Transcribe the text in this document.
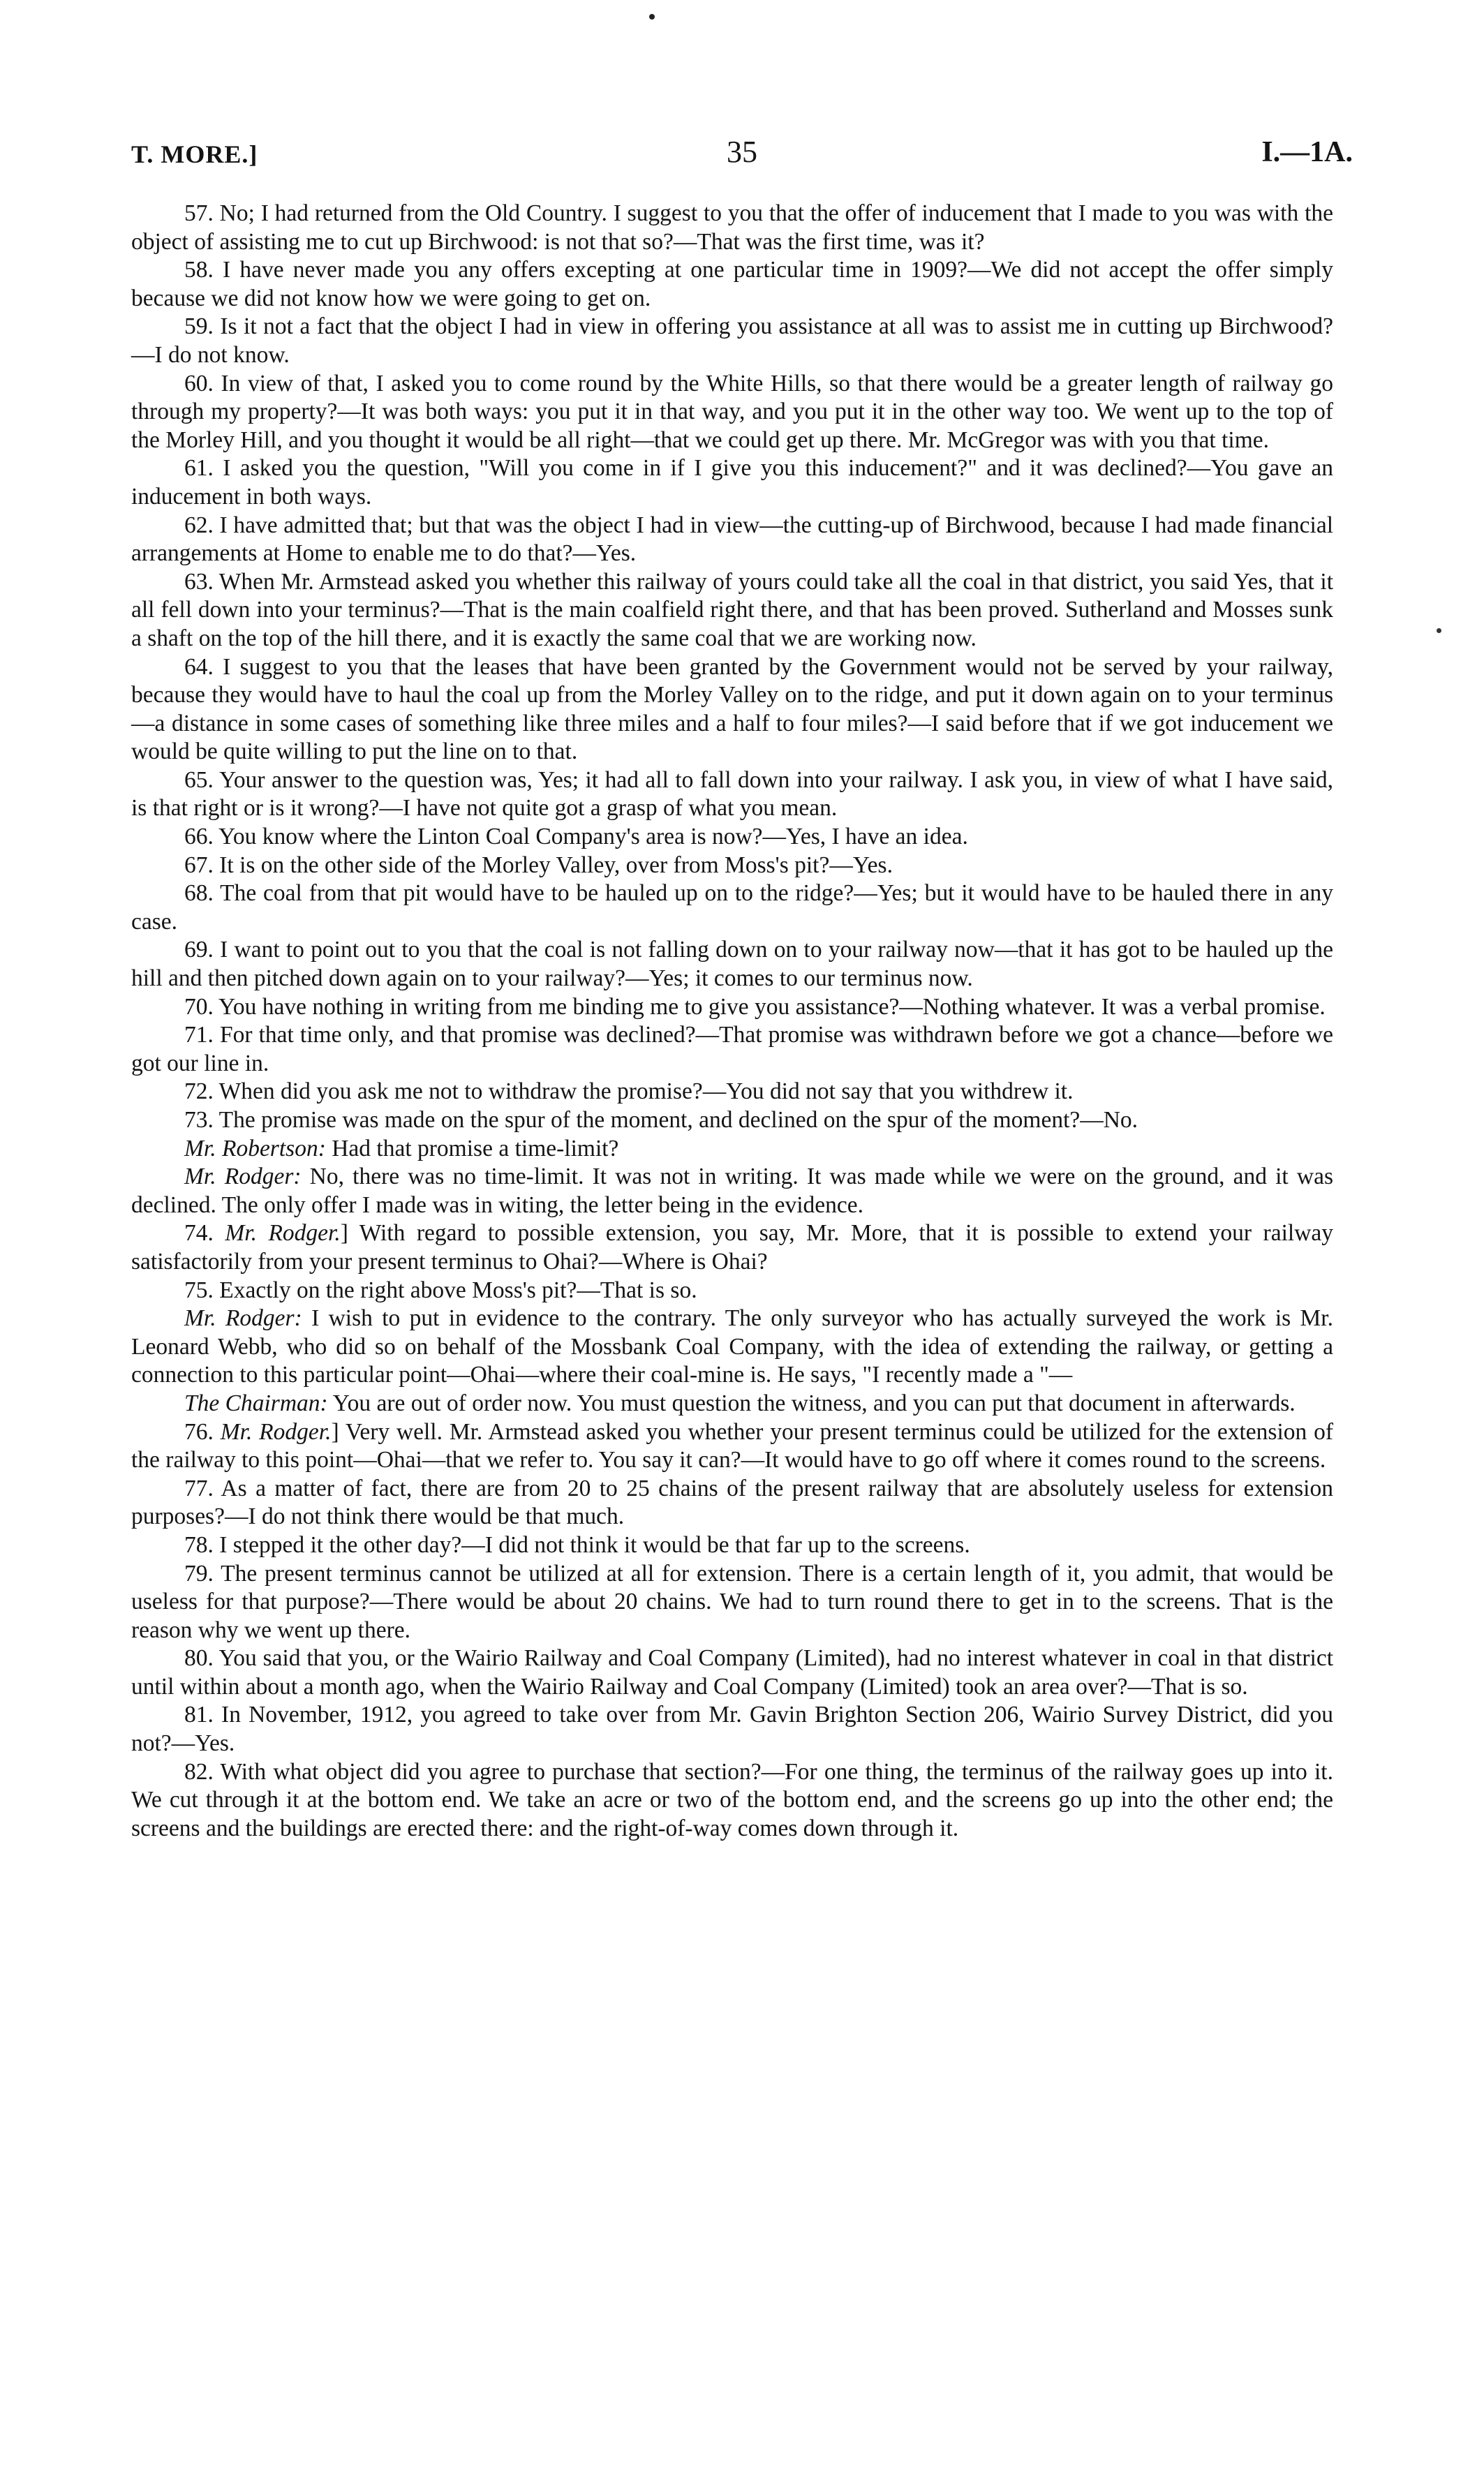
T. MORE.]	35	I.—1A.

57. No; I had returned from the Old Country. I suggest to you that the offer of inducement that I made to you was with the object of assisting me to cut up Birchwood: is not that so?—That was the first time, was it?

58. I have never made you any offers excepting at one particular time in 1909?—We did not accept the offer simply because we did not know how we were going to get on.

59. Is it not a fact that the object I had in view in offering you assistance at all was to assist me in cutting up Birchwood?—I do not know.

60. In view of that, I asked you to come round by the White Hills, so that there would be a greater length of railway go through my property?—It was both ways: you put it in that way, and you put it in the other way too. We went up to the top of the Morley Hill, and you thought it would be all right—that we could get up there. Mr. McGregor was with you that time.

61. I asked you the question, "Will you come in if I give you this inducement?" and it was declined?—You gave an inducement in both ways.

62. I have admitted that; but that was the object I had in view—the cutting-up of Birchwood, because I had made financial arrangements at Home to enable me to do that?—Yes.

63. When Mr. Armstead asked you whether this railway of yours could take all the coal in that district, you said Yes, that it all fell down into your terminus?—That is the main coalfield right there, and that has been proved. Sutherland and Mosses sunk a shaft on the top of the hill there, and it is exactly the same coal that we are working now.

64. I suggest to you that the leases that have been granted by the Government would not be served by your railway, because they would have to haul the coal up from the Morley Valley on to the ridge, and put it down again on to your terminus—a distance in some cases of something like three miles and a half to four miles?—I said before that if we got inducement we would be quite willing to put the line on to that.

65. Your answer to the question was, Yes; it had all to fall down into your railway. I ask you, in view of what I have said, is that right or is it wrong?—I have not quite got a grasp of what you mean.

66. You know where the Linton Coal Company's area is now?—Yes, I have an idea.

67. It is on the other side of the Morley Valley, over from Moss's pit?—Yes.

68. The coal from that pit would have to be hauled up on to the ridge?—Yes; but it would have to be hauled there in any case.

69. I want to point out to you that the coal is not falling down on to your railway now—that it has got to be hauled up the hill and then pitched down again on to your railway?—Yes; it comes to our terminus now.

70. You have nothing in writing from me binding me to give you assistance?—Nothing whatever. It was a verbal promise.

71. For that time only, and that promise was declined?—That promise was withdrawn before we got a chance—before we got our line in.

72. When did you ask me not to withdraw the promise?—You did not say that you withdrew it.

73. The promise was made on the spur of the moment, and declined on the spur of the moment?—No.

Mr. Robertson: Had that promise a time-limit?

Mr. Rodger: No, there was no time-limit. It was not in writing. It was made while we were on the ground, and it was declined. The only offer I made was in witing, the letter being in the evidence.

74. Mr. Rodger.] With regard to possible extension, you say, Mr. More, that it is possible to extend your railway satisfactorily from your present terminus to Ohai?—Where is Ohai?

75. Exactly on the right above Moss's pit?—That is so.

Mr. Rodger: I wish to put in evidence to the contrary. The only surveyor who has actually surveyed the work is Mr. Leonard Webb, who did so on behalf of the Mossbank Coal Company, with the idea of extending the railway, or getting a connection to this particular point—Ohai—where their coal-mine is. He says, "I recently made a "—

The Chairman: You are out of order now. You must question the witness, and you can put that document in afterwards.

76. Mr. Rodger.] Very well. Mr. Armstead asked you whether your present terminus could be utilized for the extension of the railway to this point—Ohai—that we refer to. You say it can?—It would have to go off where it comes round to the screens.

77. As a matter of fact, there are from 20 to 25 chains of the present railway that are absolutely useless for extension purposes?—I do not think there would be that much.

78. I stepped it the other day?—I did not think it would be that far up to the screens.

79. The present terminus cannot be utilized at all for extension. There is a certain length of it, you admit, that would be useless for that purpose?—There would be about 20 chains. We had to turn round there to get in to the screens. That is the reason why we went up there.

80. You said that you, or the Wairio Railway and Coal Company (Limited), had no interest whatever in coal in that district until within about a month ago, when the Wairio Railway and Coal Company (Limited) took an area over?—That is so.

81. In November, 1912, you agreed to take over from Mr. Gavin Brighton Section 206, Wairio Survey District, did you not?—Yes.

82. With what object did you agree to purchase that section?—For one thing, the terminus of the railway goes up into it. We cut through it at the bottom end. We take an acre or two of the bottom end, and the screens go up into the other end; the screens and the buildings are erected there: and the right-of-way comes down through it.
